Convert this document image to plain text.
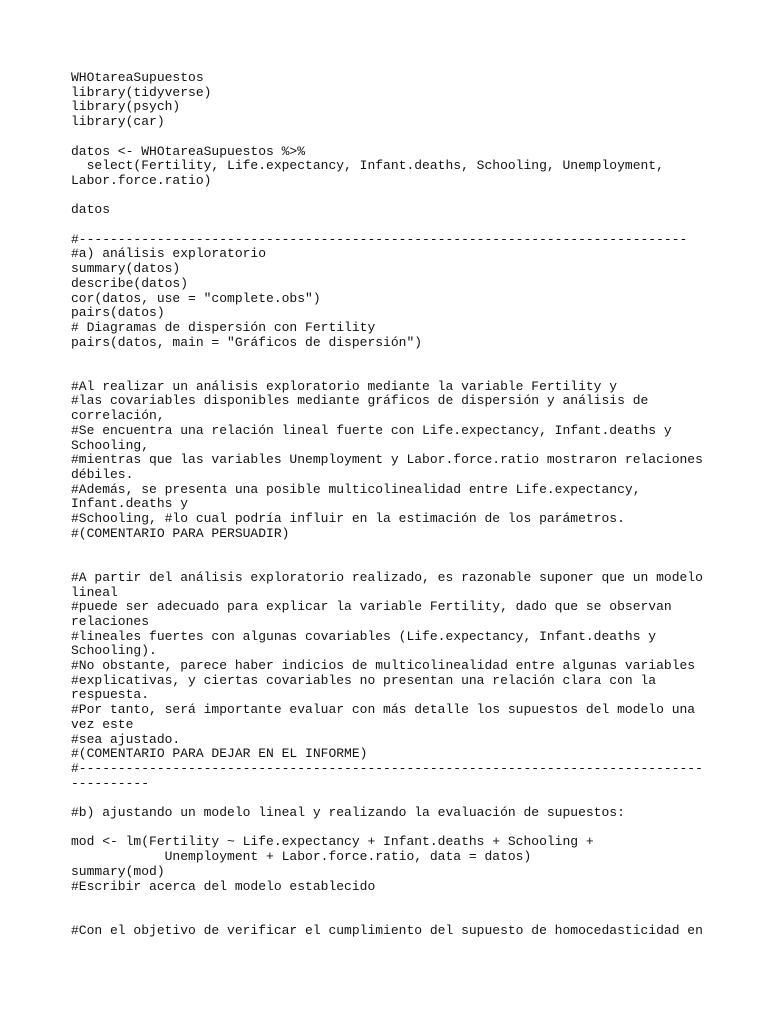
WHOtareaSupuestos
library(tidyverse)
library(psych)
library(car)
datos <- WHOtareaSupuestos %>%
select(Fertility, Life.expectancy, Infant.deaths, Schooling, Unemployment,
Labor.force.ratio)
datos
#------------------------------------------------------------------------------
#a) análisis exploratorio
summary(datos)
describe(datos)
cor(datos, use = "complete.obs")
pairs(datos)
# Diagramas de dispersión con Fertility
pairs(datos, main = "Gráficos de dispersión")
#Al realizar un análisis exploratorio mediante la variable Fertility y
#las covariables disponibles mediante gráficos de dispersión y análisis de
correlación,
#Se encuentra una relación lineal fuerte con Life.expectancy, Infant.deaths y
Schooling,
#mientras que las variables Unemployment y Labor.force.ratio mostraron relaciones
débiles.
#Además, se presenta una posible multicolinealidad entre Life.expectancy,
Infant.deaths y
#Schooling, #lo cual podría influir en la estimación de los parámetros.
#(COMENTARIO PARA PERSUADIR)
#A partir del análisis exploratorio realizado, es razonable suponer que un modelo
lineal
#puede ser adecuado para explicar la variable Fertility, dado que se observan
relaciones
#lineales fuertes con algunas covariables (Life.expectancy, Infant.deaths y
Schooling).
#No obstante, parece haber indicios de multicolinealidad entre algunas variables
#explicativas, y ciertas covariables no presentan una relación clara con la
respuesta.
#Por tanto, será importante evaluar con más detalle los supuestos del modelo una
vez este
#sea ajustado.
#(COMENTARIO PARA DEJAR EN EL INFORME)
#--------------------------------------------------------------------------------
----------
#b) ajustando un modelo lineal y realizando la evaluación de supuestos:
mod <- lm(Fertility ~ Life.expectancy + Infant.deaths + Schooling +
Unemployment + Labor.force.ratio, data = datos)
summary(mod)
#Escribir acerca del modelo establecido
#Con el objetivo de verificar el cumplimiento del supuesto de homocedasticidad en
